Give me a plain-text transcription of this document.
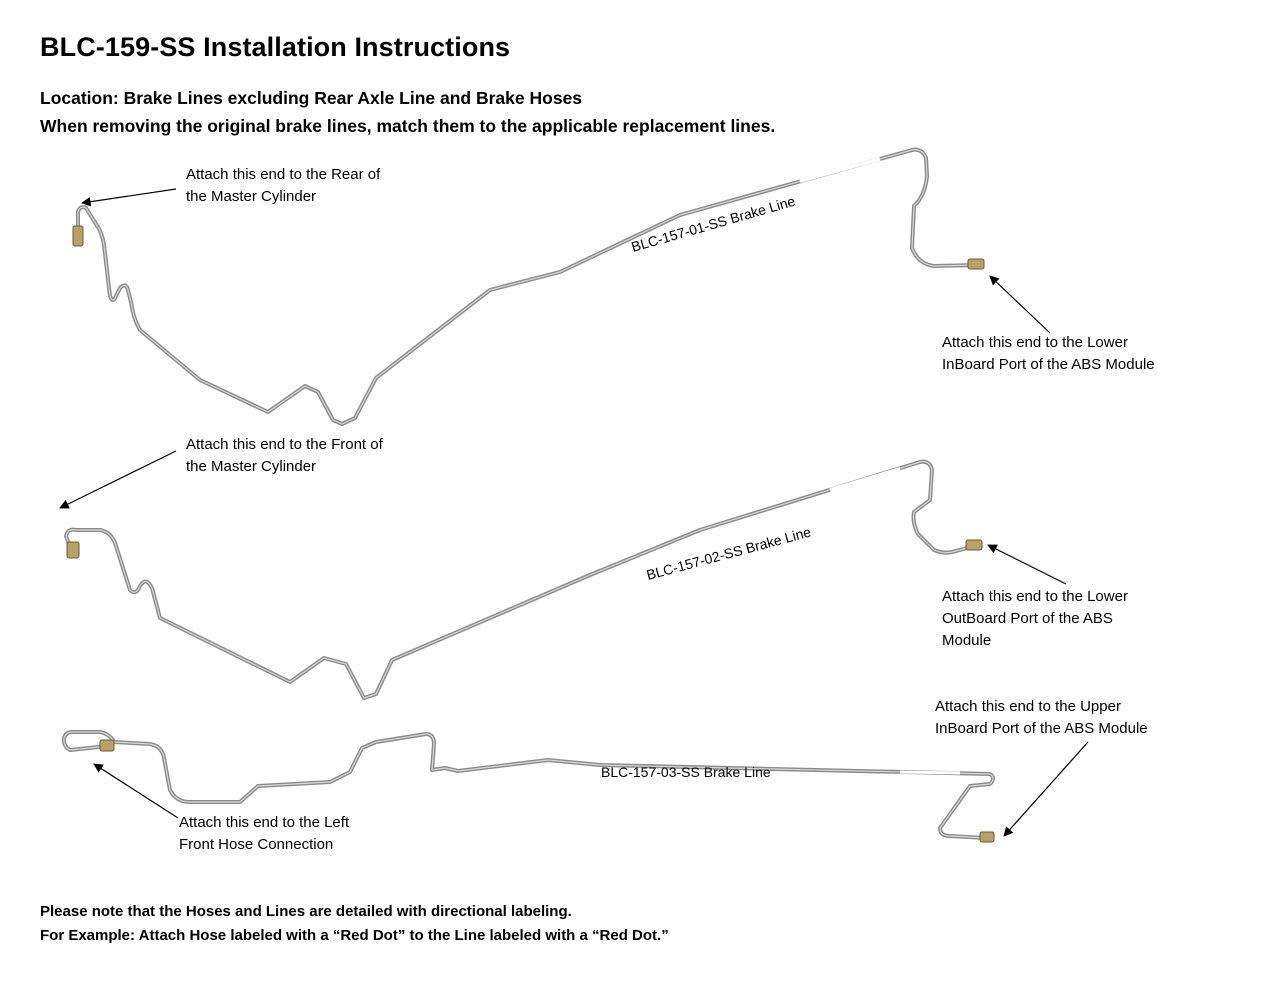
BLC-159-SS Installation Instructions

Location: Brake Lines excluding Rear Axle Line and Brake Hoses

When removing the original brake lines, match them to the applicable replacement lines.

BLC-157-01-SS Brake Line
BLC-157-02-SS Brake Line
BLC-157-03-SS Brake Line

Attach this end to the Rear of
the Master Cylinder

Attach this end to the Lower
InBoard Port of the ABS Module

Attach this end to the Front of
the Master Cylinder

Attach this end to the Lower
OutBoard Port of the ABS
Module

Attach this end to the Left
Front Hose Connection

Attach this end to the Upper
InBoard Port of the ABS Module

Please note that the Hoses and Lines are detailed with directional labeling.

For Example: Attach Hose labeled with a “Red Dot” to the Line labeled with a “Red Dot.”
